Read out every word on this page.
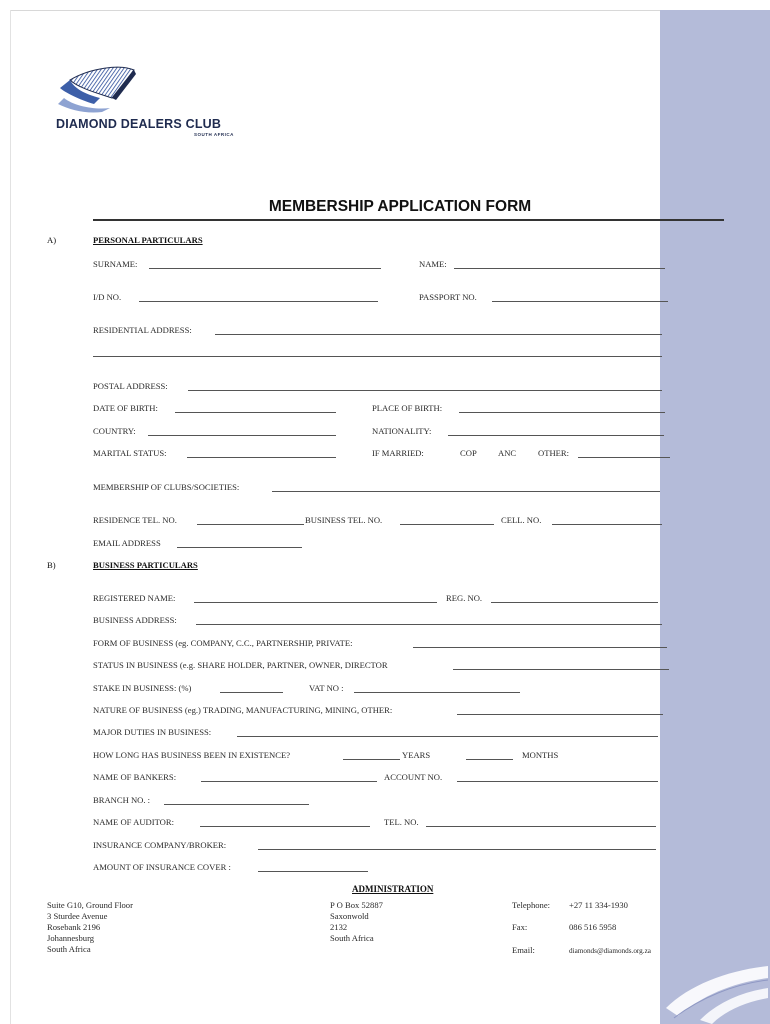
DIAMOND DEALERS CLUB
SOUTH AFRICA
MEMBERSHIP APPLICATION FORM
A)	PERSONAL PARTICULARS
SURNAME:	NAME:
I/D NO.	PASSPORT NO.
RESIDENTIAL ADDRESS:
POSTAL ADDRESS:
DATE OF BIRTH:	PLACE OF BIRTH:
COUNTRY:	NATIONALITY:
MARITAL STATUS:	IF MARRIED:	COP ANC	OTHER:
MEMBERSHIP OF CLUBS/SOCIETIES:
RESIDENCE TEL. NO.	BUSINESS TEL. NO.	CELL. NO.
EMAIL ADDRESS
B)	BUSINESS PARTICULARS
REGISTERED NAME:	REG. NO.
BUSINESS ADDRESS:
FORM OF BUSINESS (eg. COMPANY, C.C., PARTNERSHIP, PRIVATE:
STATUS IN BUSINESS (e.g. SHARE HOLDER, PARTNER, OWNER, DIRECTOR
STAKE IN BUSINESS: (%)	VAT NO :
NATURE OF BUSINESS (eg.) TRADING, MANUFACTURING, MINING, OTHER:
MAJOR DUTIES IN BUSINESS:
HOW LONG HAS BUSINESS BEEN IN EXISTENCE?	YEARS	MONTHS
NAME OF BANKERS:	ACCOUNT NO.
BRANCH NO. :
NAME OF AUDITOR:	TEL. NO.
INSURANCE COMPANY/BROKER:
AMOUNT OF INSURANCE COVER :
ADMINISTRATION
Suite G10, Ground Floor
3 Sturdee Avenue
Rosebank 2196
Johannesburg
South Africa
P O Box 52887
Saxonwold
2132
South Africa
Telephone: +27 11 334-1930
Fax:	086 516 5958
Email:	diamonds@diamonds.org.za
